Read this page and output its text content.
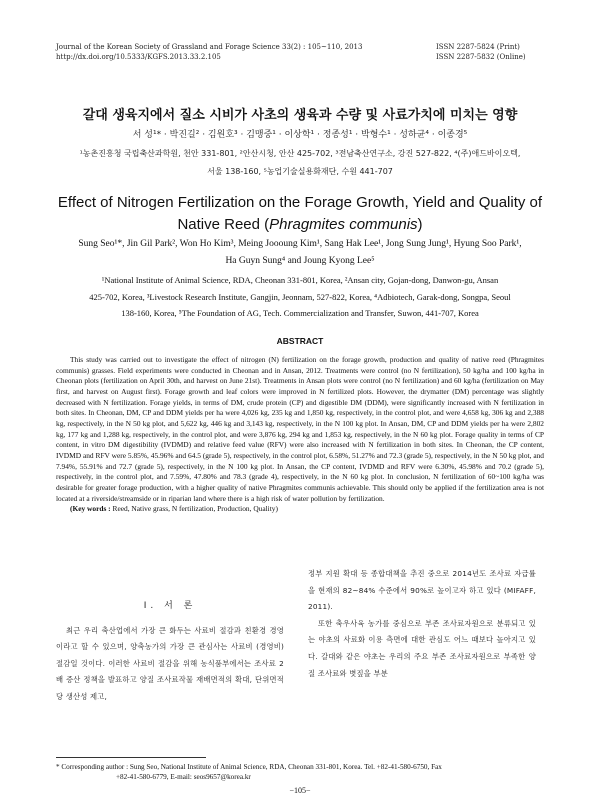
Journal of the Korean Society of Grassland and Forage Science 33(2) : 105~110, 2013
http://dx.doi.org/10.5333/KGFS.2013.33.2.105
ISSN 2287-5824 (Print)
ISSN 2287-5832 (Online)
갈대 생육지에서 질소 시비가 사초의 생육과 수량 및 사료가치에 미치는 영향
서 성¹* · 박진길² · 김원호³ · 김맹중¹ · 이상학¹ · 정종성¹ · 박형수¹ · 성하균⁴ · 이종경⁵
¹농촌진흥청 국립축산과학원, 천안 331-801, ²안산시청, 안산 425-702, ³전남축산연구소, 강진 527-822, ⁴(주)애드바이오텍,
서울 138-160, ⁵농업기술실용화재단, 수원 441-707
Effect of Nitrogen Fertilization on the Forage Growth, Yield and Quality of
Native Reed (Phragmites communis)
Sung Seo¹*, Jin Gil Park², Won Ho Kim³, Meing Joooung Kim¹, Sang Hak Lee¹, Jong Sung Jung¹, Hyung Soo Park¹,
Ha Guyn Sung⁴ and Joung Kyong Lee⁵
¹National Institute of Animal Science, RDA, Cheonan 331-801, Korea, ²Ansan city, Gojan-dong, Danwon-gu, Ansan
425-702, Korea, ³Livestock Research Institute, Gangjin, Jeonnam, 527-822, Korea, ⁴Adbiotech, Garak-dong, Songpa, Seoul
138-160, Korea, ⁵The Foundation of AG, Tech. Commercialization and Transfer, Suwon, 441-707, Korea
ABSTRACT

This study was carried out to investigate the effect of nitrogen (N) fertilization on the forage growth, production and quality of native reed (Phragmites communis) grasses. Field experiments were conducted in Cheonan and in Ansan, 2012. Treatments were control (no N fertilization), 50 kg/ha and 100 kg/ha in Cheonan plots (fertilization on April 30th, and harvest on June 21st). Treatments in Ansan plots were control (no N fertilization) and 60 kg/ha (fertilization on May first, and harvest on August first). Forage growth and leaf colors were improved in N fertilized plots. However, the drymatter (DM) percentage was slightly decreased with N fertilization. Forage yields, in terms of DM, crude protein (CP) and digestible DM (DDM), were significantly increased with N fertilization in both sites. In Cheonan, DM, CP and DDM yields per ha were 4,026 kg, 235 kg and 1,850 kg, respectively, in the control plot, and were 4,658 kg, 306 kg and 2,388 kg, respectively, in the N 50 kg plot, and 5,622 kg, 446 kg and 3,143 kg, respectively, in the N 100 kg plot. In Ansan, DM, CP and DDM yields per ha were 2,802 kg, 177 kg and 1,288 kg, respectively, in the control plot, and were 3,876 kg, 294 kg and 1,853 kg, respectively, in the N 60 kg plot. Forage quality in terms of CP content, in vitro DM digestibility (IVDMD) and relative feed value (RFV) were also increased with N fertilization in both sites. In Cheonan, the CP content, IVDMD and RFV were 5.85%, 45.96% and 64.5 (grade 5), respectively, in the control plot, 6.58%, 51.27% and 72.3 (grade 5), respectively, in the N 50 kg plot, and 7.94%, 55.91% and 72.7 (grade 5), respectively, in the N 100 kg plot. In Ansan, the CP content, IVDMD and RFV were 6.30%, 45.98% and 70.2 (grade 5), respectively, in the control plot, and 7.59%, 47.80% and 78.3 (grade 4), respectively, in the N 60 kg plot. In conclusion, N fertilization of 60~100 kg/ha was desirable for greater forage production, with a higher quality of native Phragmites communis achievable. This should only be applied if the fertilization area is not located at a riverside/streamside or in riparian land where there is a high risk of water pollution by fertilization.

(Key words : Reed, Native grass, N fertilization, Production, Quality)

Ⅰ. 서 론

최근 우리 축산업에서 가장 큰 화두는 사료비 절감과 친환경 경영이라고 할 수 있으며, 양축농가의 가장 큰 관심사는 사료비 (경영비) 절감일 것이다. 이러한 사료비 절감을 위해 농식품부에서는 조사료 2배 증산 정책을 발표하고 양질 조사료작물 재배면적의 확대, 단위면적당 생산성 제고,

정부 지원 확대 등 종합대책을 추진 중으로 2014년도 조사료 자급률을 현재의 82~84% 수준에서 90%로 높이고자 하고 있다 (MIFAFF, 2011).

또한 축우사육 농가를 중심으로 부존 조사료자원으로 분류되고 있는 야초의 사료화 이용 측면에 대한 관심도 어느 때보다 높아지고 있다. 갈대와 같은 야초는 우리의 주요 부존 조사료자원으로 부족한 양질 조사료와 볏짚을 부분

* Corresponding author : Sung Seo, National Institute of Animal Science, RDA, Cheonan 331-801, Korea. Tel. +82-41-580-6750, Fax
+82-41-580-6779, E-mail: seos9657@korea.kr
−105−
